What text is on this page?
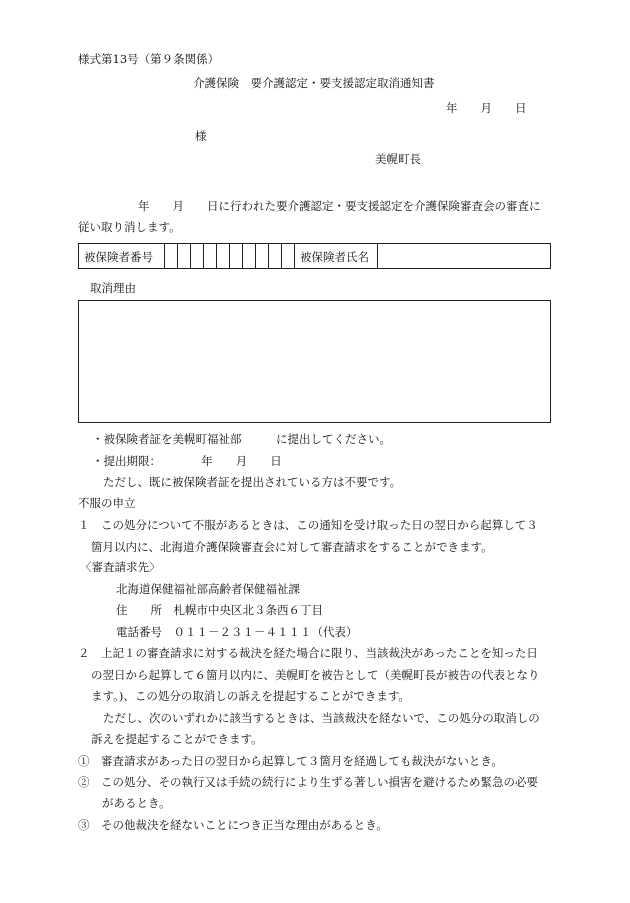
様式第13号（第９条関係）
介護保険　要介護認定・要支援認定取消通知書
年　　月　　日
様
美幌町長
年　　月　　日に行われた要介護認定・要支援認定を介護保険審査会の審査に
従い取り消します。
被保険者番号	被保険者氏名
取消理由
・被保険者証を美幌町福祉部　　　に提出してください。
・提出期限：　　　　年　　月　　日
ただし、既に被保険者証を提出されている方は不要です。
不服の申立
１　この処分について不服があるときは、この通知を受け取った日の翌日から起算して３
箇月以内に、北海道介護保険審査会に対して審査請求をすることができます。
〈審査請求先〉
北海道保健福祉部高齢者保健福祉課
住　　所　札幌市中央区北３条西６丁目
電話番号　０１１－２３１－４１１１（代表）
２　上記１の審査請求に対する裁決を経た場合に限り、当該裁決があったことを知った日
の翌日から起算して６箇月以内に、美幌町を被告として（美幌町長が被告の代表となり
ます。)、この処分の取消しの訴えを提起することができます。
ただし、次のいずれかに該当するときは、当該裁決を経ないで、この処分の取消しの
訴えを提起することができます。
①　審査請求があった日の翌日から起算して３箇月を経過しても裁決がないとき。
②　この処分、その執行又は手続の続行により生ずる著しい損害を避けるため緊急の必要
があるとき。
③　その他裁決を経ないことにつき正当な理由があるとき。
